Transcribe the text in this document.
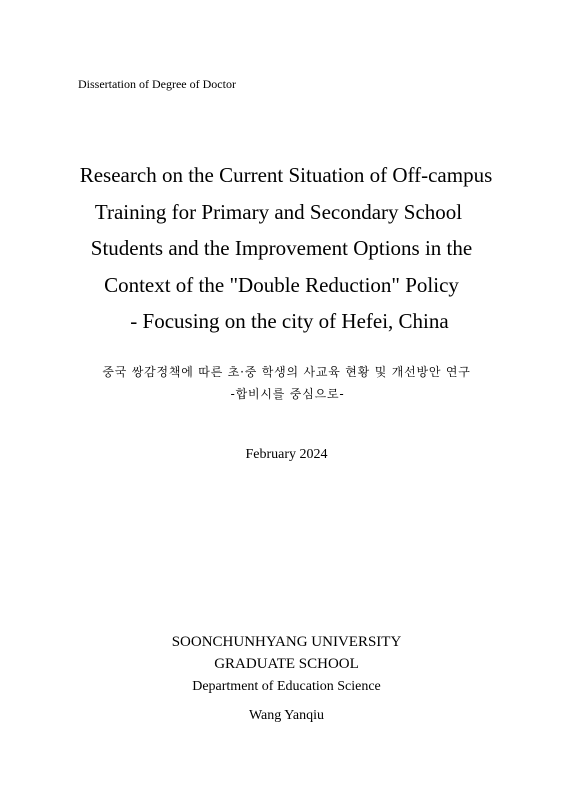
Dissertation of Degree of Doctor
Research on the Current Situation of Off-campus
Training for Primary and Secondary School
Students and the Improvement Options in the
Context of the "Double Reduction" Policy
- Focusing on the city of Hefei, China
중국 쌍감정책에 따른 초·중 학생의 사교육 현황 및 개선방안 연구
-합비시를 중심으로-
February 2024
SOONCHUNHYANG UNIVERSITY
GRADUATE SCHOOL
Department of Education Science
Wang Yanqiu
